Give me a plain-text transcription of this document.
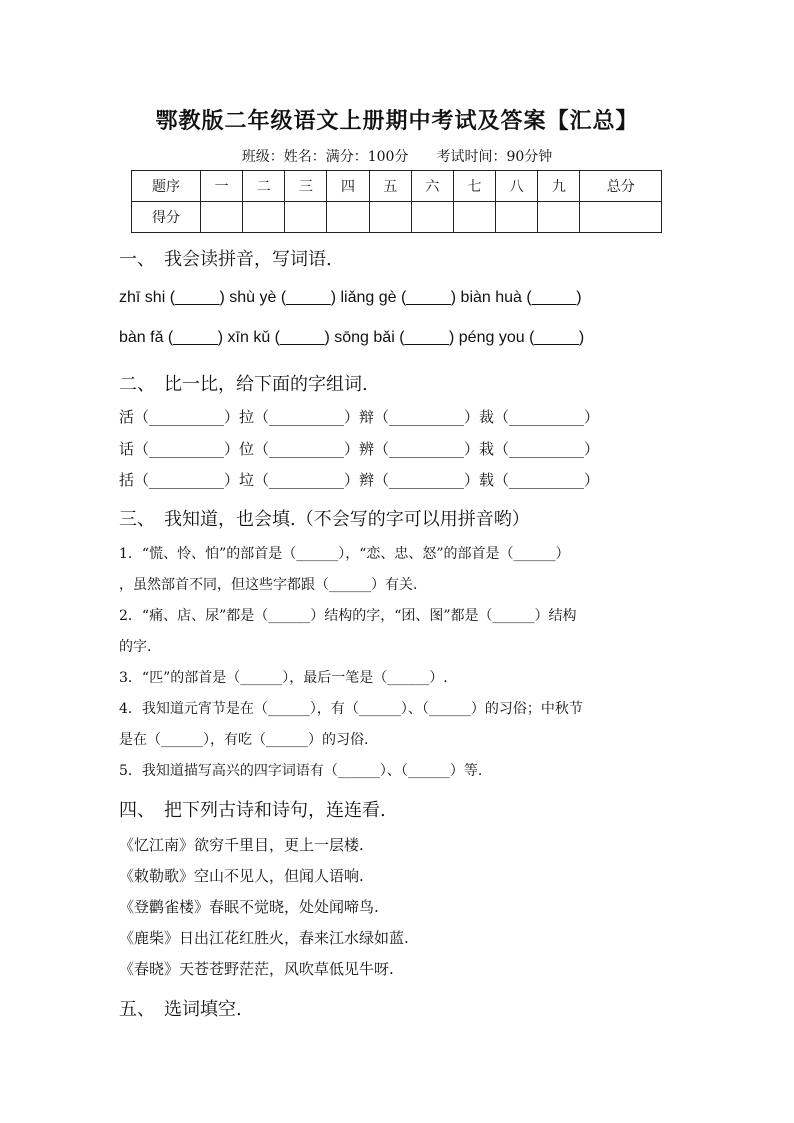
鄂教版二年级语文上册期中考试及答案【汇总】
班级：姓名：满分：100分　　考试时间：90分钟
题序	一	二	三	四	五	六	七	八	九	总分
得分										
一、　我会读拼音，写词语.
zhī shi (_____) shù yè (_____) liǎng gè (_____) biàn huà (_____)
bàn fǎ (_____) xīn kǔ (_____) sōng bǎi (_____) péng you (_____)
二、　比一比，给下面的字组词.
活（__________）拉（__________）辩（__________）裁（__________）
话（__________）位（__________）辨（__________）栽（__________）
括（__________）垃（__________）辫（__________）载（__________）
三、　我知道，也会填.（不会写的字可以用拼音哟）
1．“慌、怜、怕”的部首是（______），“恋、忠、怒”的部首是（______）
，虽然部首不同，但这些字都跟（______）有关.
2．“痛、店、尿”都是（______）结构的字，“团、图”都是（______）结构
的字.
3．“匹”的部首是（______），最后一笔是（______）.
4．我知道元宵节是在（______），有（______）、（______）的习俗；中秋节
是在（______），有吃（______）的习俗.
5．我知道描写高兴的四字词语有（______）、（______）等.
四、　把下列古诗和诗句，连连看.
《忆江南》欲穷千里目，更上一层楼.
《敕勒歌》空山不见人，但闻人语响.
《登鹳雀楼》春眠不觉晓，处处闻啼鸟.
《鹿柴》日出江花红胜火，春来江水绿如蓝.
《春晓》天苍苍野茫茫，风吹草低见牛呀.
五、　选词填空.
